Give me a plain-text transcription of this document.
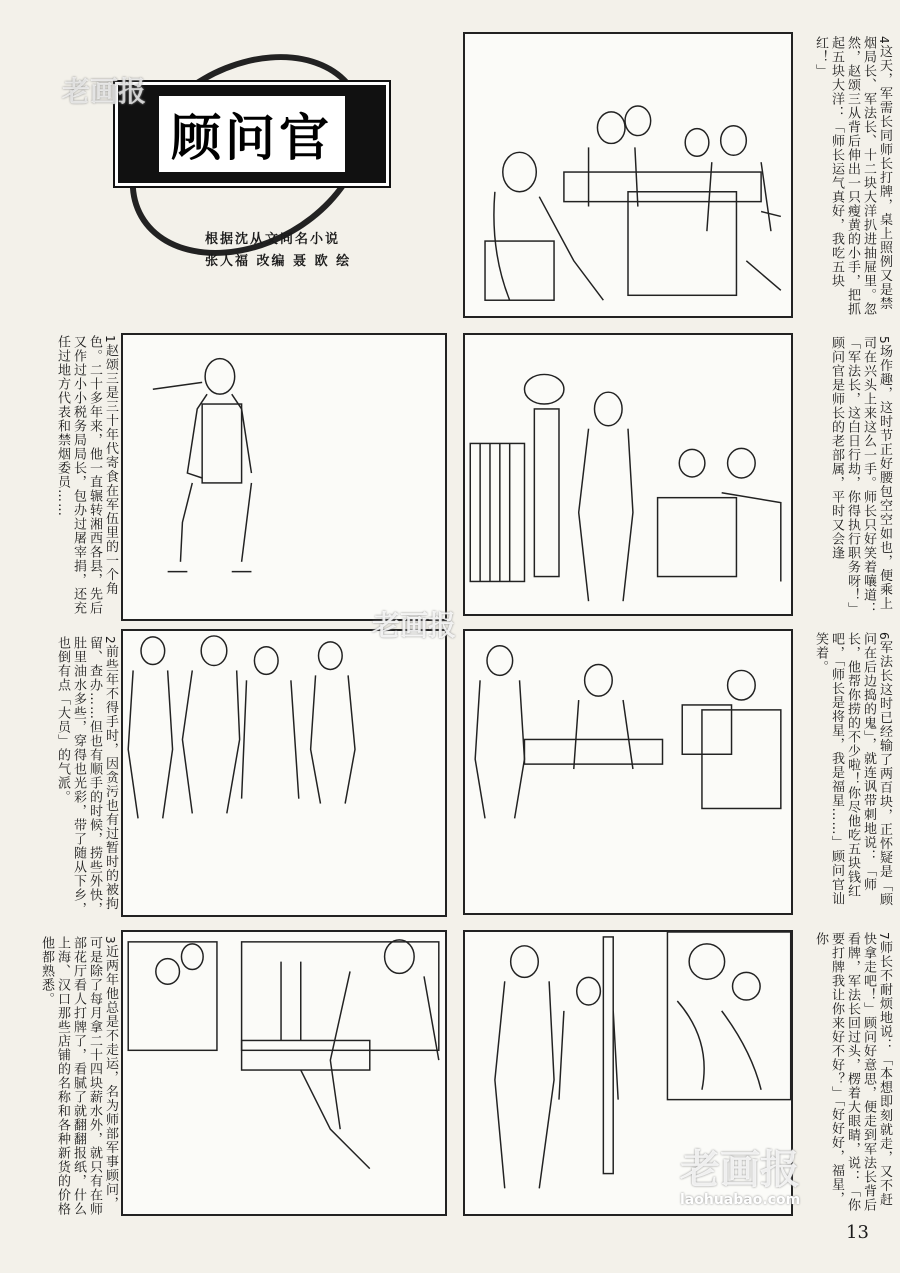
顾问官
根据沈从文同名小说
张人福 改编 聂 欧 绘
4这天，军需长同师长打牌，桌上照例又是禁烟局长、军法长、十二块大洋扒进抽屉里。忽然，赵颂三从背后伸出一只瘦黄的小手，把抓起五块大洋：「师长运气真好，我吃五块红！」
1赵颂三是三十年代寄食在军伍里的一个角色。二十多年来，他一直辗转湘西各县，先后又作过小小税务局局长，包办过屠宰捐，还充任过地方代表和禁烟委员……	5场作趣，这时节正好腰包空空如也，便乘上司在兴头上来这么一手。师长只好笑着嚷道：「军法长，这白日行劫，你得执行职务呀！」顾问官是师长的老部属，平时又会逢
2前些年不得手时，因贪污也有过暂时的被拘留、查办……但也有顺手的时候，捞些外快，肚里油水多些，穿得也光彩，带了随从下乡，也倒有点「大员」的气派。	6军法长这时已经输了两百块，正怀疑是「顾问在后边捣的鬼」，就连讽带刺地说：「师长，他帮你捞的不少啦！你尽他吃五块钱红吧，「师长是将星，我是福星……」顾问官讪笑着。
3近两年他总是不走运，名为师部军事顾问，可是除了每月拿二十四块薪水外，就只有在师部花厅看人打牌了，看腻了就翻翻报纸，什么上海、汉口那些店铺的名称和各种新货的价格他都熟悉。	7师长不耐烦地说：「本想即刻就走，又不赶快拿走吧！」顾问好意思，便走到军法长背后看牌，军法长回过头，楞着大眼睛，说：「你要打牌我让你来好不好？」「好好好，福星，你
老画报
老画报
老画报
laohuabao.com
13
